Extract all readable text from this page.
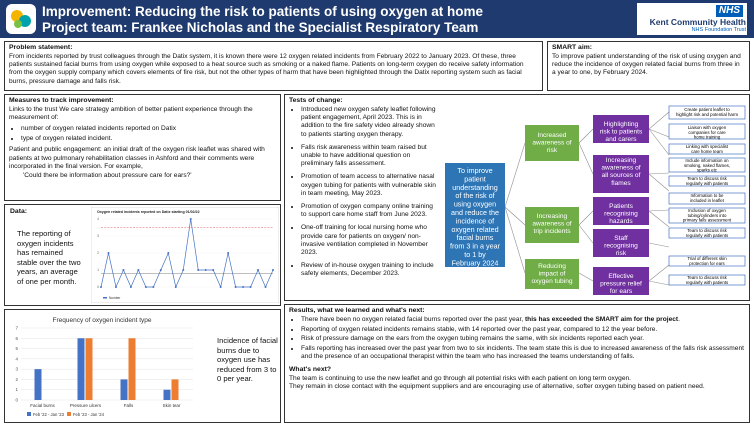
Improvement: Reducing the risk to patients of using oxygen at home
Project team: Frankee Nicholas and the Specialist Respiratory Team
NHS
Kent Community Health
NHS Foundation Trust
Problem statement:
From incidents reported by trust colleagues through the Datix system, it is known there were 12 oxygen related incidents from February 2022 to January 2023. Of these, three patients sustained facial burns from using oxygen while exposed to a heat source such as smoking or a naked flame. Patients on long-term oxygen do receive safety information from the oxygen supply company which covers elements of fire risk, but not the other types of harm that have been highlighted through the Datix reporting system such as facial burns, pressure damage and falls risk.
SMART aim:
To improve patient understanding of the risk of using oxygen and reduce the incidence of oxygen related facial burns from three in a year to one, by February 2024.
Measures to track improvement:

Links to the trust We care strategy ambition of better patient experience through the measurement of:

• number of oxygen related incidents reported on Datix
• type of oxygen related incident.

Patient and public engagement: an initial draft of the oxygen risk leaflet was shared with patients at two pulmonary rehabilitation classes in Ashford and their comments were incorporated in the final version. For example,

'Could there be information about pressure care for ears?'

Tests of change:
• Introduced new oxygen safety leaflet following patient engagement, April 2023. This is in addition to the fire safety video already shown to patients starting oxygen therapy.
• Falls risk awareness within team raised but unable to have additional question on preliminary falls assessment.
• Promotion of team access to alternative nasal oxygen tubing for patients with vulnerable skin in team meeting, May 2023.
• Promotion of oxygen company online training to support care home staff from June 2023.
• One-off training for local nursing home who provide care for patients on oxygen/ non-invasive ventilation completed in November 2023.
• Review of in-house oxygen training to include safety elements, December 2023.
To improve patient understanding of the risk of using oxygen and reduce the incidence of oxygen related facial burns from 3 in a year to 1 by February 2024
Increased awareness of risk
Increasing awareness of trip incidents
Reducing impact of oxygen tubing
Highlighting risk to patients and carers
Increasing awareness of all sources of flames
Patients recognising hazards
Staff recognising risk
Effective pressure relief for ears
Create patient leaflet to highlight risk and potential harm
Liaison with oxygen companies for care home training
Linking with specialist care home team
Include information on smoking, naked flames, sparks etc
Team to discuss risk regularly with patients
Information to be included in leaflet
Inclusion of oxygen tubing/cylinders into primary falls assessment
Team to discuss risk regularly with patients
Trial of different skin protection for ears
Team to discuss risk regularly with patients
Data:
The reporting of oxygen incidents has remained stable over the two years, an average of one per month.
Oxygen related incidents reported on Datix starting 01/02/22
0
1
2
3
4
Number
Frequency of oxygen incident type
0
1
2
3
4
5
6
7
Facial burns	Pressure ulcers	Falls	Skin tear
Feb '22 - Jan '23 Feb '23 - Jan '24
Incidence of facial burns due to oxygen use has reduced from 3 to 0 per year.
Results, what we learned and what's next:
• There have been no oxygen related facial burns reported over the past year, this has exceeded the SMART aim for the project.
• Reporting of oxygen related incidents remains stable, with 14 reported over the past year, compared to 12 the year before.
• Risk of pressure damage on the ears from the oxygen tubing remains the same, with six incidents reported each year.
• Falls reporting has increased over the past year from two to six incidents. The team state this is due to increased awareness of the falls risk assessment and the presence of an occupational therapist within the team who has increased the teams understanding of falls.
What's next?
The team is continuing to use the new leaflet and go through all potential risks with each patient on long term oxygen.
They remain in close contact with the equipment suppliers and are encouraging use of alternative, softer oxygen tubing based on patient need.
